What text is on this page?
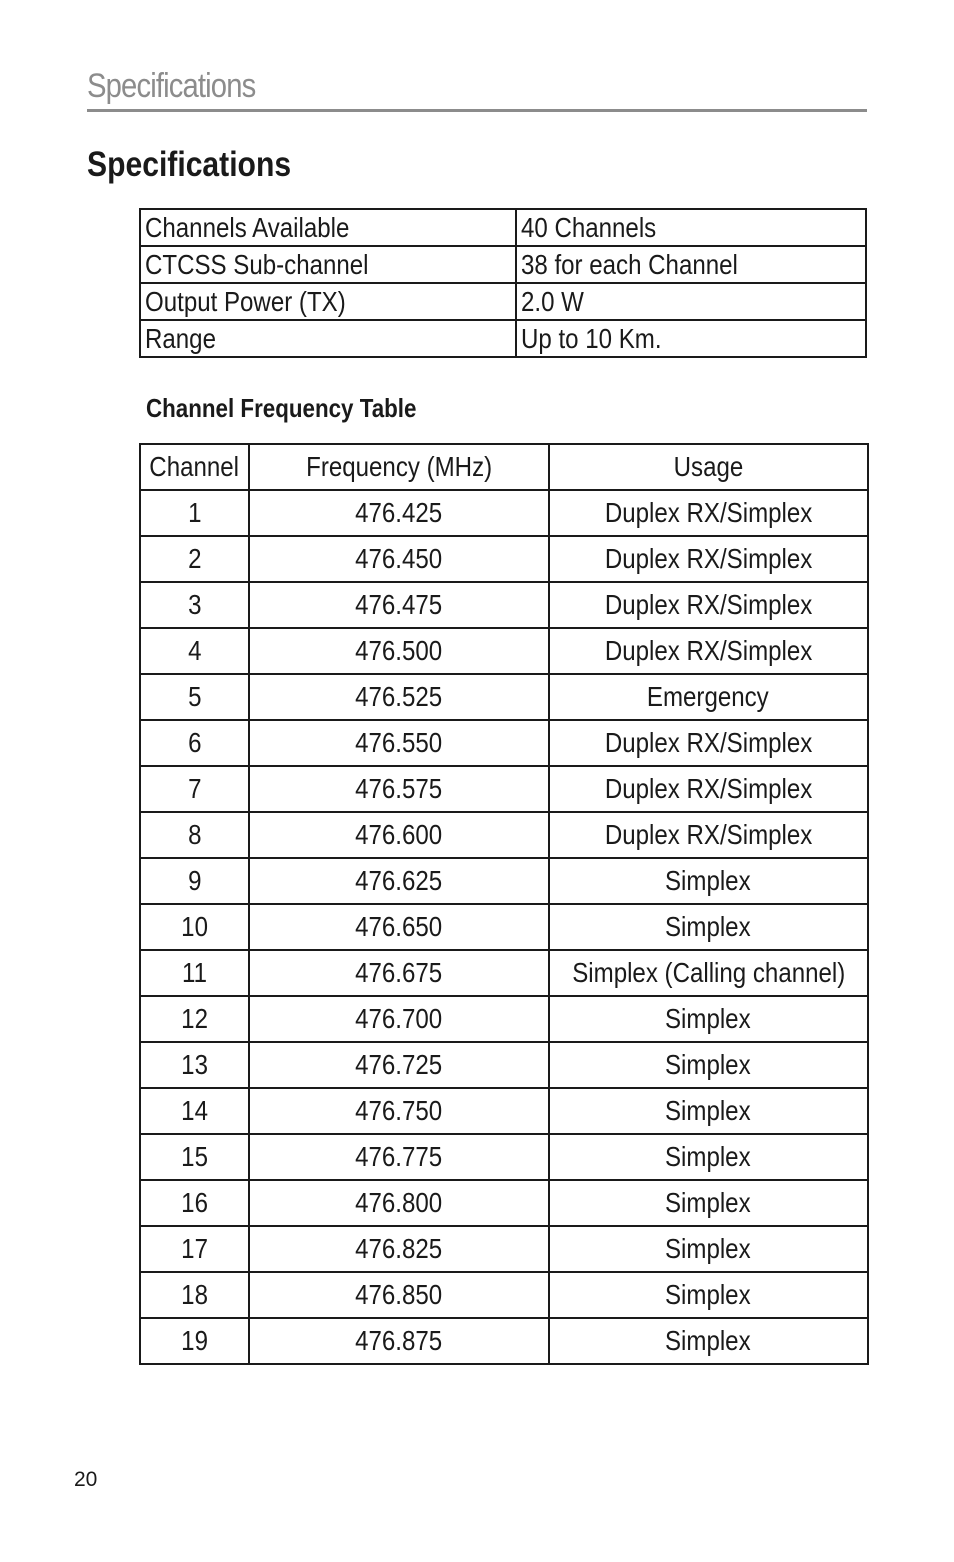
Specifications
Specifications
Channels Available	40 Channels
CTCSS Sub-channel	38 for each Channel
Output Power (TX)	2.0 W
Range	Up to 10 Km.
Channel Frequency Table
Channel	Frequency (MHz)	Usage
1	476.425	Duplex RX/Simplex
2	476.450	Duplex RX/Simplex
3	476.475	Duplex RX/Simplex
4	476.500	Duplex RX/Simplex
5	476.525	Emergency
6	476.550	Duplex RX/Simplex
7	476.575	Duplex RX/Simplex
8	476.600	Duplex RX/Simplex
9	476.625	Simplex
10	476.650	Simplex
11	476.675	Simplex (Calling channel)
12	476.700	Simplex
13	476.725	Simplex
14	476.750	Simplex
15	476.775	Simplex
16	476.800	Simplex
17	476.825	Simplex
18	476.850	Simplex
19	476.875	Simplex
20
